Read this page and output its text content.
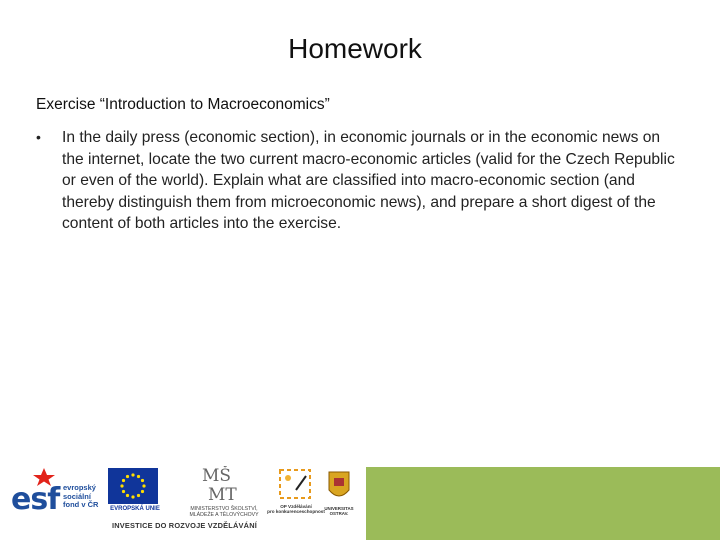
Homework
Exercise “Introduction to Macroeconomics”
•	In the daily press (economic section), in economic journals or in the economic news on the internet, locate the two current macro-economic articles (valid for the Czech Republic or even of the world). Explain what are classified into macro-economic section (and thereby distinguish them from microeconomic news), and prepare a short digest of the content of both articles into the exercise.
esf evropský
sociální
fond v ČR	EVROPSKÁ UNIE
MŠ
MT
MINISTERSTVO ŠKOLSTVÍ,
MLÁDEŽE A TĚLOVÝCHOVY
OP Vzdělávání
pro konkurenceschopnost
UNIVERSITAS
OSTRAV.
INVESTICE DO ROZVOJE VZDĚLÁVÁNÍ
